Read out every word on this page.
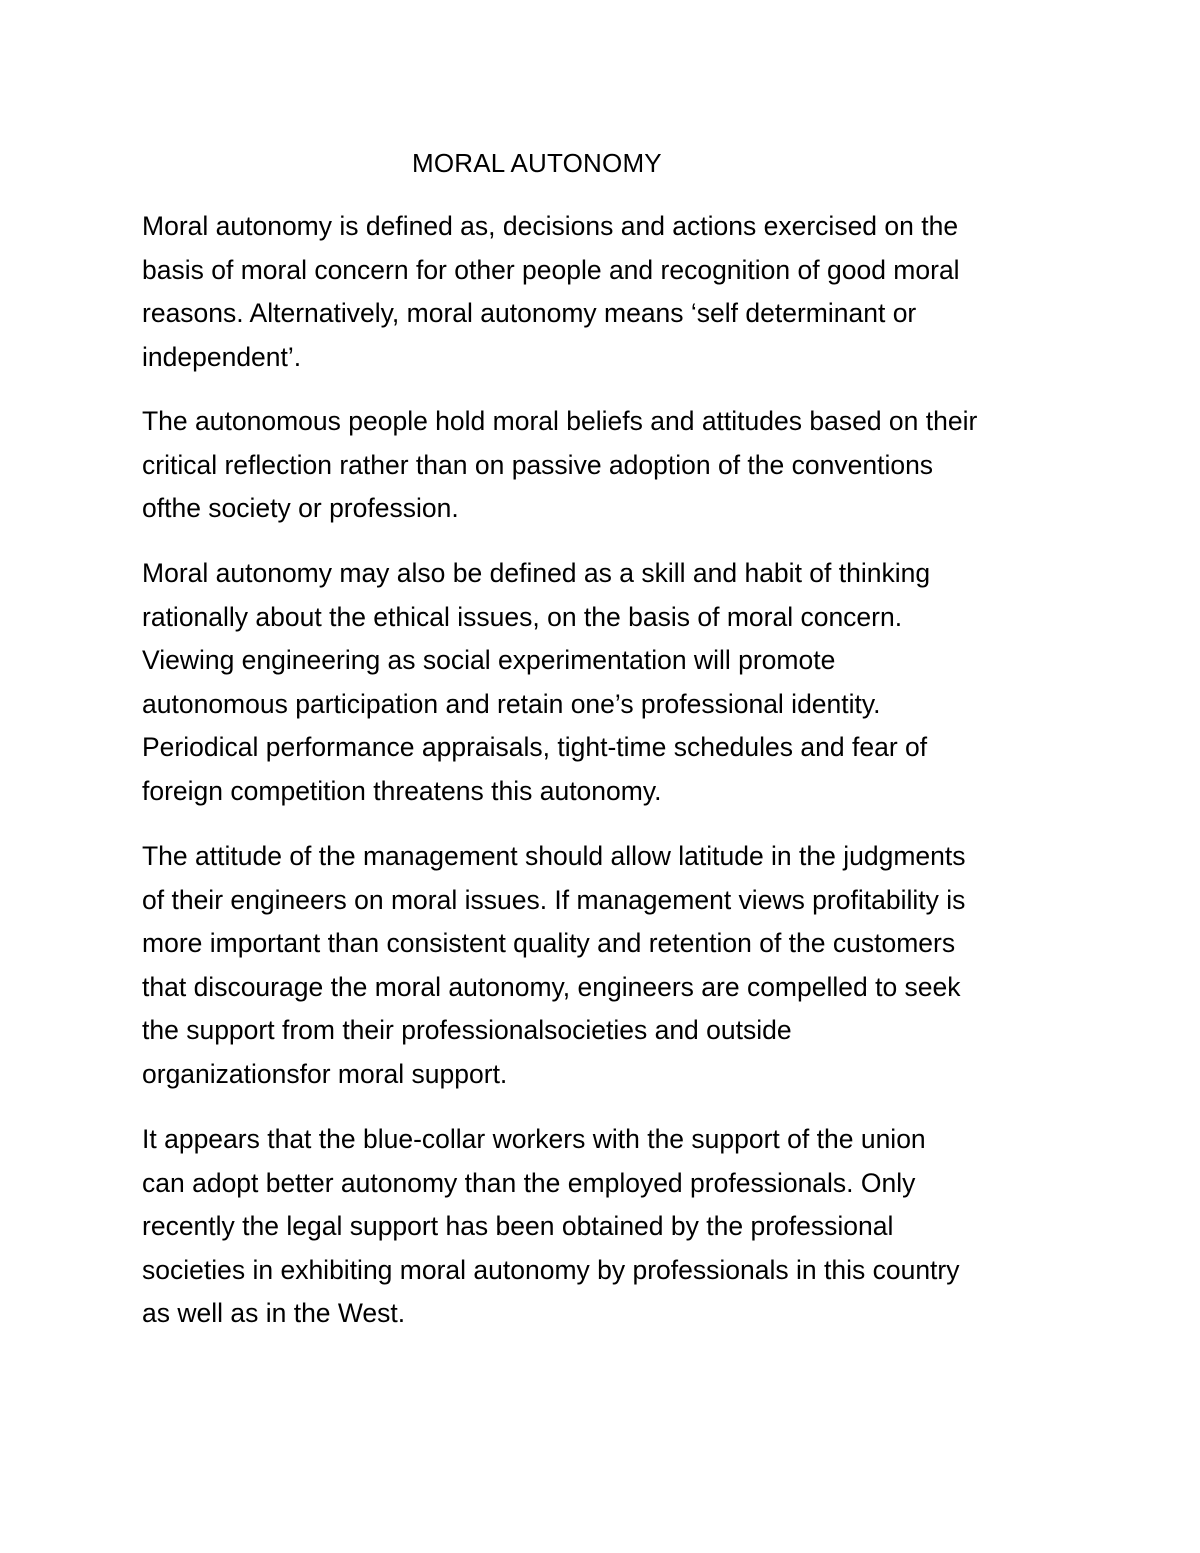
MORAL AUTONOMY
Moral autonomy is defined as, decisions and actions exercised on the
basis of moral concern for other people and recognition of good moral
reasons. Alternatively, moral autonomy means ‘self determinant or
independent’.
The autonomous people hold moral beliefs and attitudes based on their
critical reflection rather than on passive adoption of the conventions
ofthe society or profession.
Moral autonomy may also be defined as a skill and habit of thinking
rationally about the ethical issues, on the basis of moral concern.
Viewing engineering as social experimentation will promote
autonomous participation and retain one’s professional identity.
Periodical performance appraisals, tight-time schedules and fear of
foreign competition threatens this autonomy.
The attitude of the management should allow latitude in the judgments
of their engineers on moral issues. If management views profitability is
more important than consistent quality and retention of the customers
that discourage the moral autonomy, engineers are compelled to seek
the support from their professionalsocieties and outside
organizationsfor moral support.
It appears that the blue-collar workers with the support of the union
can adopt better autonomy than the employed professionals. Only
recently the legal support has been obtained by the professional
societies in exhibiting moral autonomy by professionals in this country
as well as in the West.
